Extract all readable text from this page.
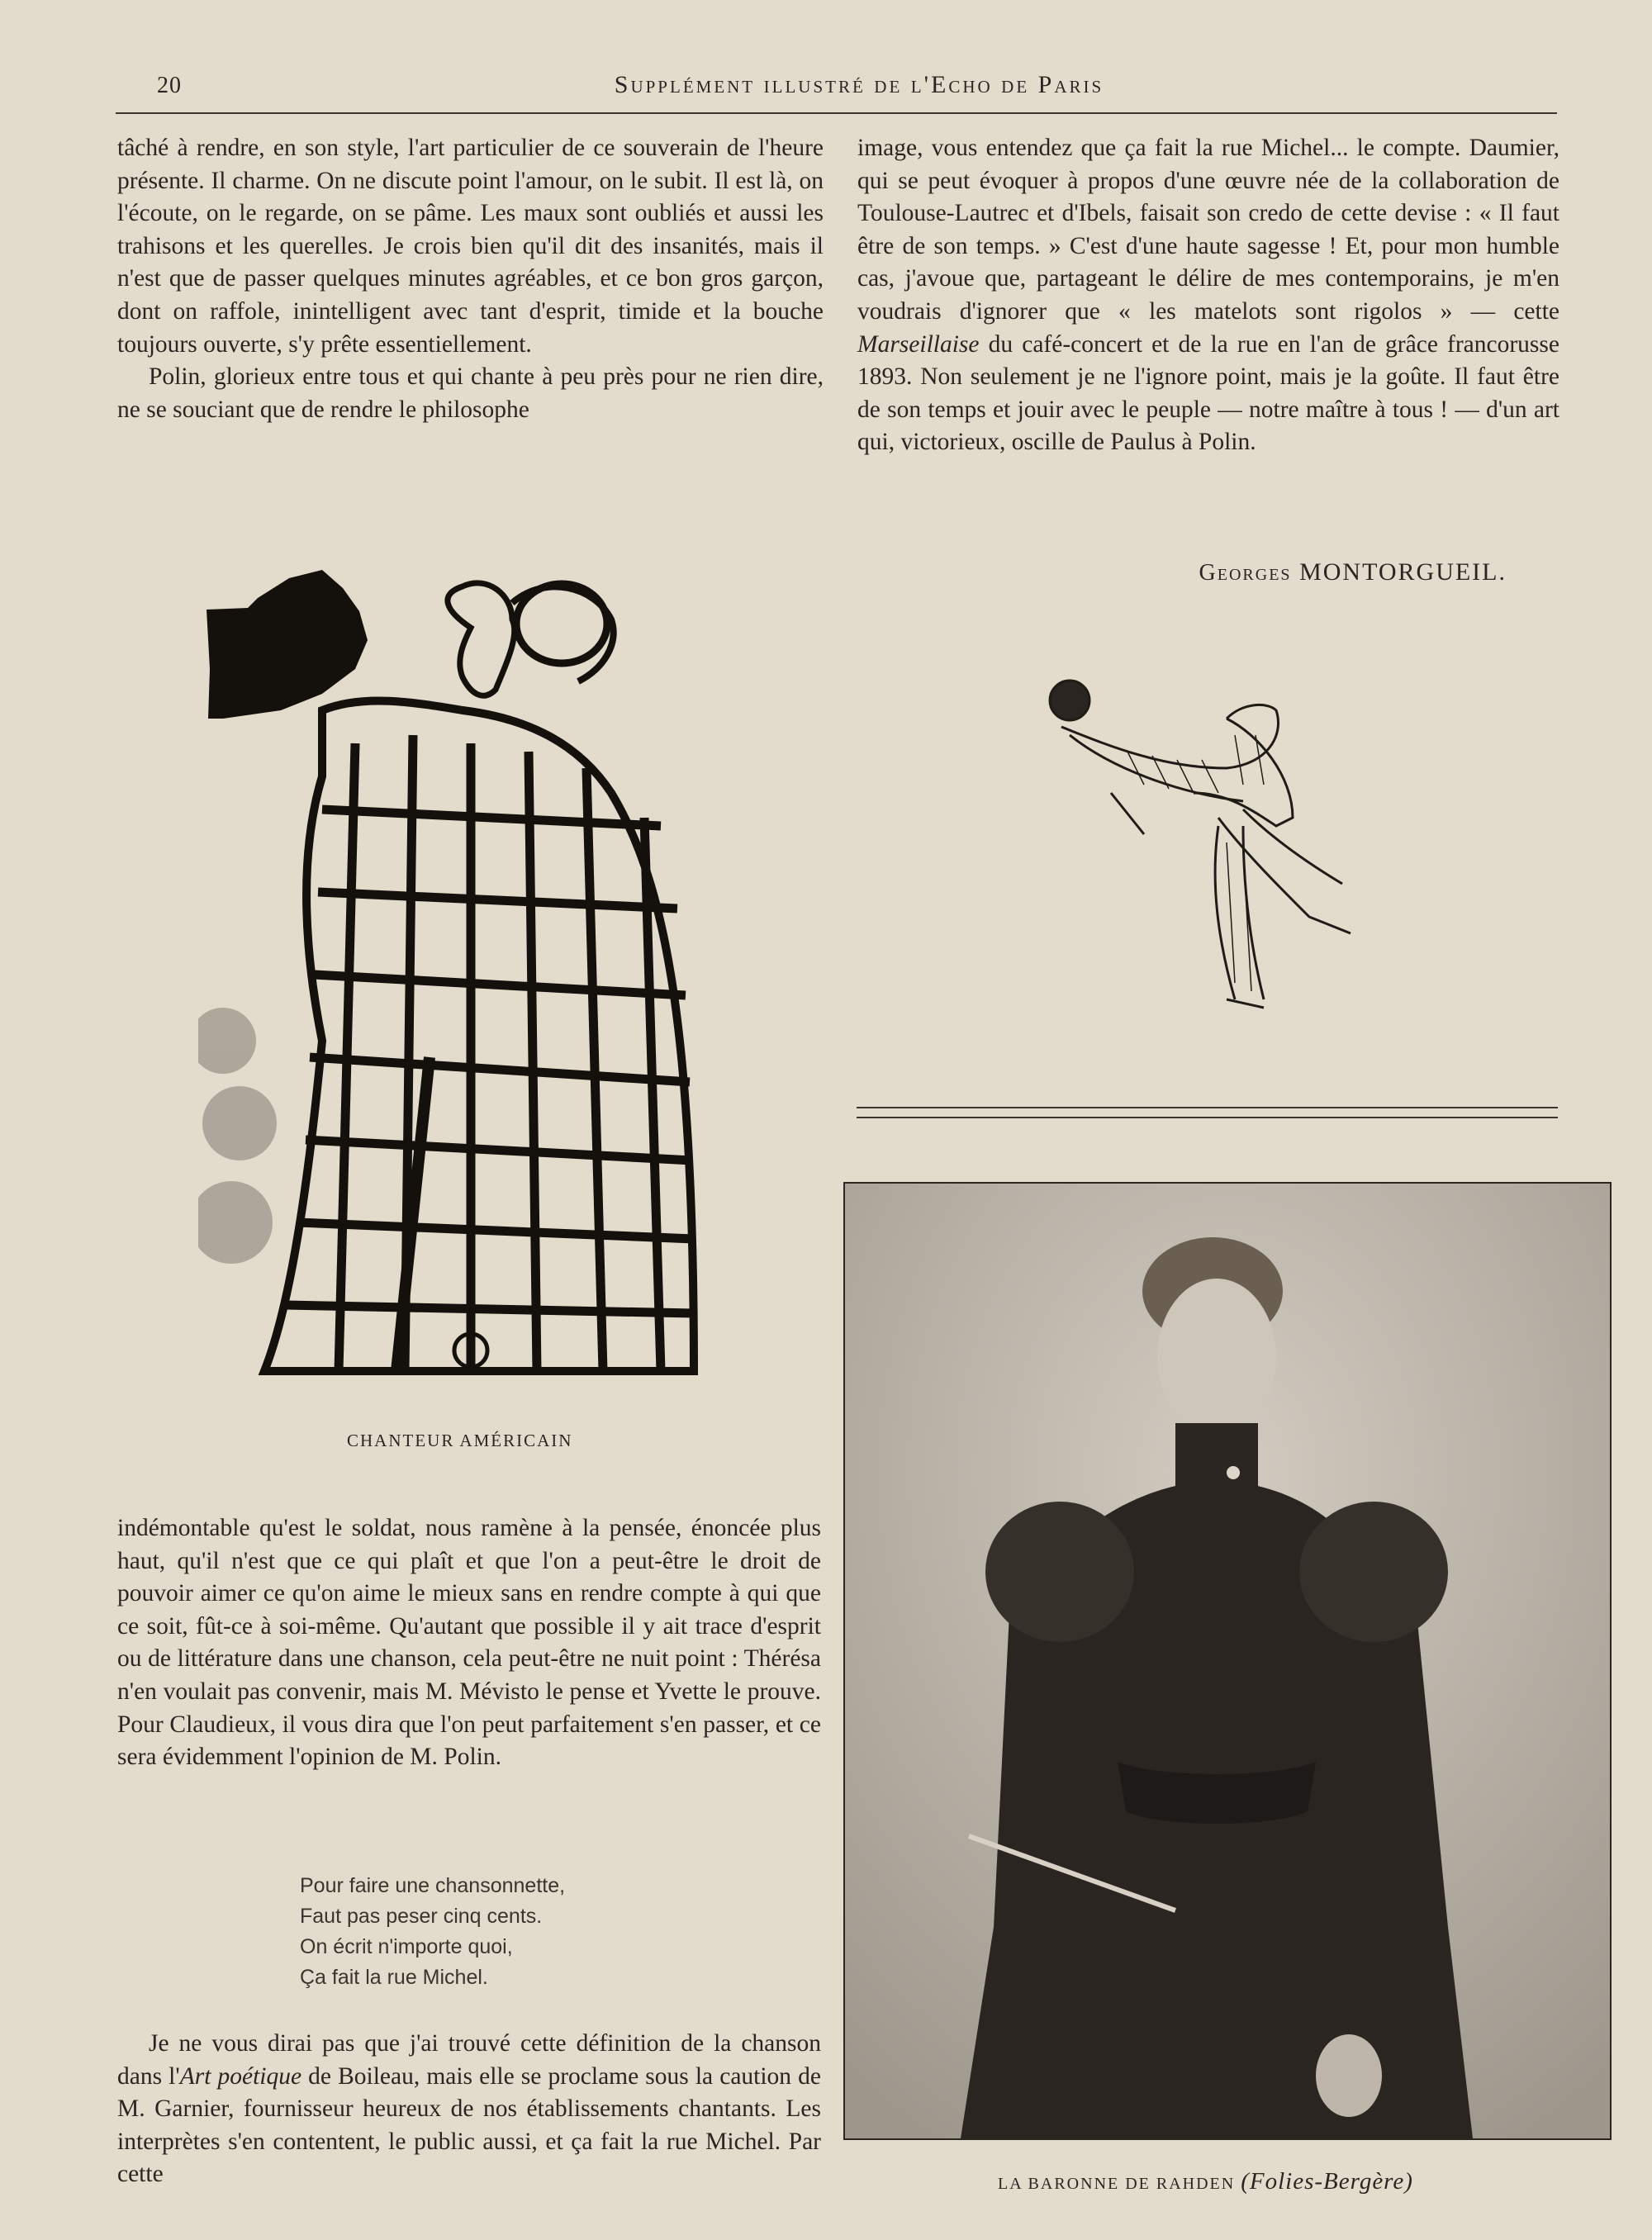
20	Supplément illustré de l'Echo de Paris

tâché à rendre, en son style, l'art particulier de ce souverain de l'heure présente. Il charme. On ne discute point l'amour, on le subit. Il est là, on l'écoute, on le regarde, on se pâme. Les maux sont oubliés et aussi les trahisons et les querelles. Je crois bien qu'il dit des insanités, mais il n'est que de passer quelques minutes agréables, et ce bon gros garçon, dont on raffole, inintelligent avec tant d'esprit, timide et la bouche toujours ouverte, s'y prête essentiellement.

Polin, glorieux entre tous et qui chante à peu près pour ne rien dire, ne se souciant que de rendre le philosophe

image, vous entendez que ça fait la rue Michel... le compte. Daumier, qui se peut évoquer à propos d'une œuvre née de la collaboration de Toulouse-Lautrec et d'Ibels, faisait son credo de cette devise : « Il faut être de son temps. » C'est d'une haute sagesse ! Et, pour mon humble cas, j'avoue que, partageant le délire de mes contemporains, je m'en voudrais d'ignorer que « les matelots sont rigolos » — cette Marseillaise du café-concert et de la rue en l'an de grâce francorusse 1893. Non seulement je ne l'ignore point, mais je la goûte. Il faut être de son temps et jouir avec le peuple — notre maître à tous ! — d'un art qui, victorieux, oscille de Paulus à Polin.

Georges MONTORGUEIL.
CHANTEUR AMÉRICAIN

indémontable qu'est le soldat, nous ramène à la pensée, énoncée plus haut, qu'il n'est que ce qui plaît et que l'on a peut-être le droit de pouvoir aimer ce qu'on aime le mieux sans en rendre compte à qui que ce soit, fût-ce à soi-même. Qu'autant que possible il y ait trace d'esprit ou de littérature dans une chanson, cela peut-être ne nuit point : Thérésa n'en voulait pas convenir, mais M. Mévisto le pense et Yvette le prouve. Pour Claudieux, il vous dira que l'on peut parfaitement s'en passer, et ce sera évidemment l'opinion de M. Polin.

Pour faire une chansonnette,
Faut pas peser cinq cents.
On écrit n'importe quoi,
Ça fait la rue Michel.

Je ne vous dirai pas que j'ai trouvé cette définition de la chanson dans l'Art poétique de Boileau, mais elle se proclame sous la caution de M. Garnier, fournisseur heureux de nos établissements chantants. Les interprètes s'en contentent, le public aussi, et ça fait la rue Michel. Par cette	LA BARONNE DE RAHDEN (Folies-Bergère)
